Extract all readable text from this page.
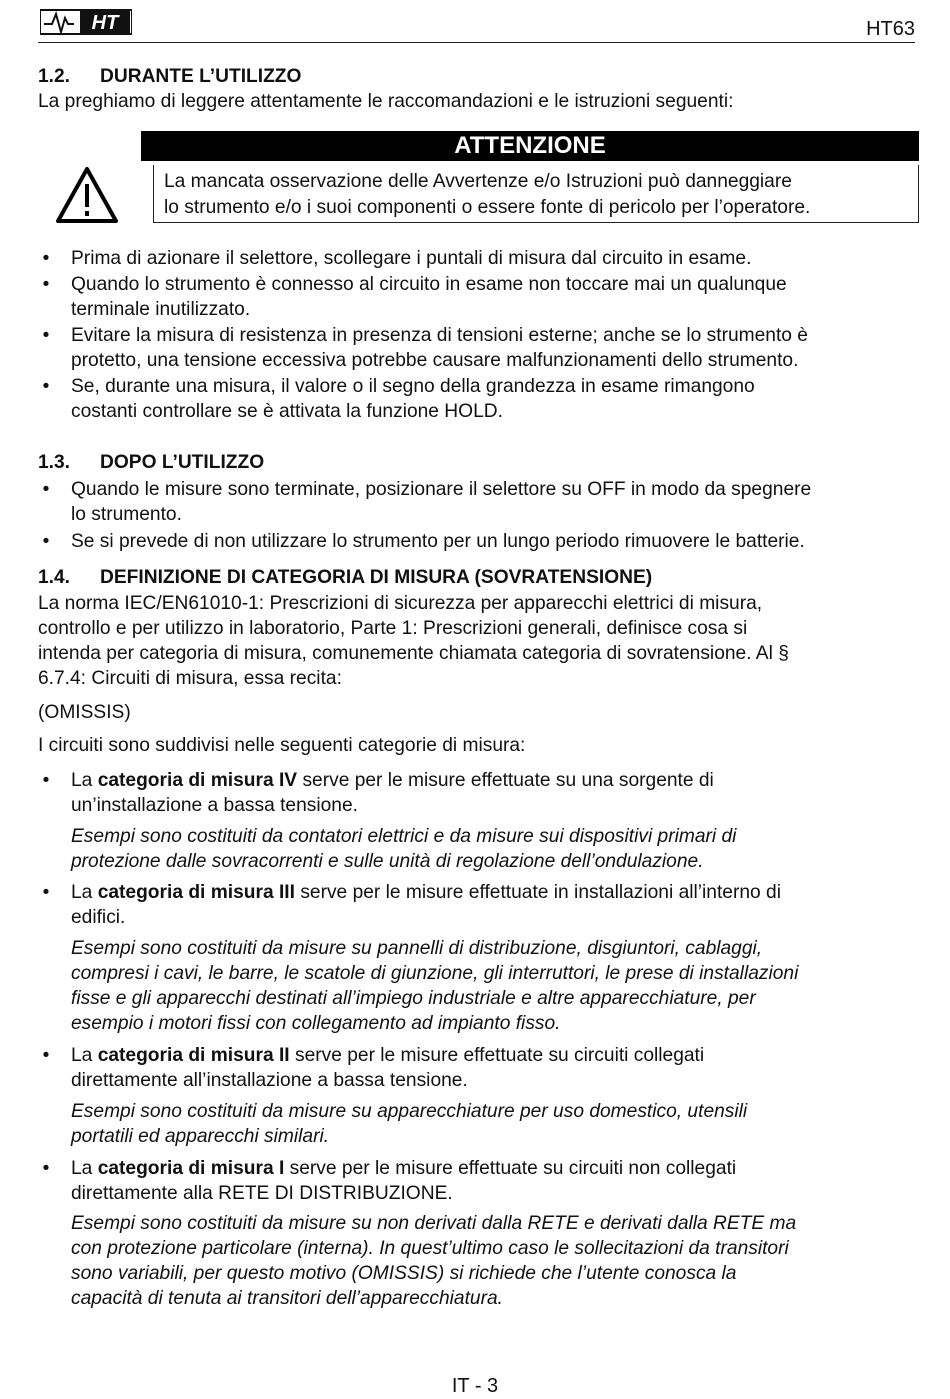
HT	HT63
1.2. DURANTE L’UTILIZZO
La preghiamo di leggere attentamente le raccomandazioni e le istruzioni seguenti:
ATTENZIONE
La mancata osservazione delle Avvertenze e/o Istruzioni può danneggiare
lo strumento e/o i suoi componenti o essere fonte di pericolo per l’operatore.
• Prima di azionare il selettore, scollegare i puntali di misura dal circuito in esame.
• Quando lo strumento è connesso al circuito in esame non toccare mai un qualunque
terminale inutilizzato.
• Evitare la misura di resistenza in presenza di tensioni esterne; anche se lo strumento è
protetto, una tensione eccessiva potrebbe causare malfunzionamenti dello strumento.
• Se, durante una misura, il valore o il segno della grandezza in esame rimangono
costanti controllare se è attivata la funzione HOLD.
1.3. DOPO L’UTILIZZO
• Quando le misure sono terminate, posizionare il selettore su OFF in modo da spegnere
lo strumento.
• Se si prevede di non utilizzare lo strumento per un lungo periodo rimuovere le batterie.
1.4. DEFINIZIONE DI CATEGORIA DI MISURA (SOVRATENSIONE)
La norma IEC/EN61010-1: Prescrizioni di sicurezza per apparecchi elettrici di misura,
controllo e per utilizzo in laboratorio, Parte 1: Prescrizioni generali, definisce cosa si
intenda per categoria di misura, comunemente chiamata categoria di sovratensione. Al §
6.7.4: Circuiti di misura, essa recita:
(OMISSIS)
I circuiti sono suddivisi nelle seguenti categorie di misura:
• La categoria di misura IV serve per le misure effettuate su una sorgente di
un’installazione a bassa tensione.
Esempi sono costituiti da contatori elettrici e da misure sui dispositivi primari di
protezione dalle sovracorrenti e sulle unità di regolazione dell’ondulazione.
• La categoria di misura III serve per le misure effettuate in installazioni all’interno di
edifici.
Esempi sono costituiti da misure su pannelli di distribuzione, disgiuntori, cablaggi,
compresi i cavi, le barre, le scatole di giunzione, gli interruttori, le prese di installazioni
fisse e gli apparecchi destinati all’impiego industriale e altre apparecchiature, per
esempio i motori fissi con collegamento ad impianto fisso.
• La categoria di misura II serve per le misure effettuate su circuiti collegati
direttamente all’installazione a bassa tensione.
Esempi sono costituiti da misure su apparecchiature per uso domestico, utensili
portatili ed apparecchi similari.
• La categoria di misura I serve per le misure effettuate su circuiti non collegati
direttamente alla RETE DI DISTRIBUZIONE.
Esempi sono costituiti da misure su non derivati dalla RETE e derivati dalla RETE ma
con protezione particolare (interna). In quest’ultimo caso le sollecitazioni da transitori
sono variabili, per questo motivo (OMISSIS) si richiede che l’utente conosca la
capacità di tenuta ai transitori dell’apparecchiatura.
IT - 3
